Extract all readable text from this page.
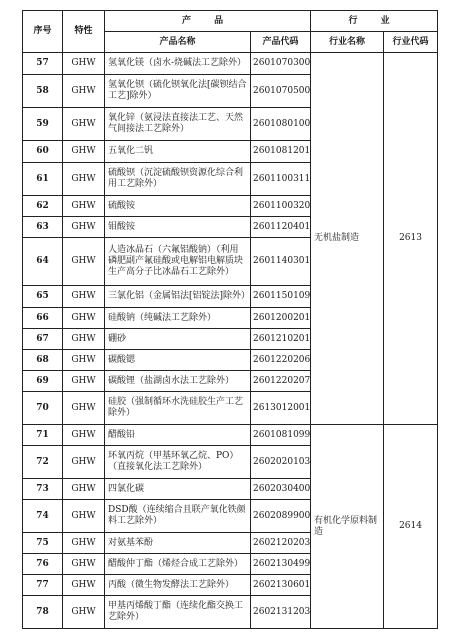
序号	特性	产 品		行 业	
		产品名称	产品代码	行业名称	行业代码
57	GHW	氢氧化镁（卤水-烧碱法工艺除外）	2601070300	无机盐制造	2613
58	GHW	氢氧化钡（硫化钡氧化法[碳钡结合工艺]除外）	2601070500		
59	GHW	氧化锌（氨浸法直接法工艺、天然气间接法工艺除外）	2601080100		
60	GHW	五氧化二钒	2601081201		
61	GHW	硫酸钡（沉淀硫酸钡资源化综合利用工艺除外）	2601100311		
62	GHW	硫酸铵	2601100320		
63	GHW	钼酸铵	2601120401		
64	GHW	人造冰晶石（六氟铝酸钠）（利用磷肥副产氟硅酸或电解铝电解质块生产高分子比冰晶石工艺除外）	2601140301		
65	GHW	三氯化铝（金属铝法[铝锭法]除外）	2601150109		
66	GHW	硅酸钠（纯碱法工艺除外）	2601200201		
67	GHW	硼砂	2601210201		
68	GHW	碳酸锶	2601220206		
69	GHW	碳酸锂（盐湖卤水法工艺除外）	2601220207		
70	GHW	硅胶（强制循环水洗硅胶生产工艺除外）	2613012001		
71	GHW	醋酸铅	2601081099	有机化学原料制造	2614
72	GHW	环氧丙烷（甲基环氧乙烷、PO）（直接氧化法工艺除外）	2602020103		
73	GHW	四氯化碳	2602030400		
74	GHW	DSD酸（连续缩合且联产氧化铁颜料工艺除外）	2602089900		
75	GHW	对氨基苯酚	2602120203		
76	GHW	醋酸仲丁酯（烯烃合成工艺除外）	2602130499		
77	GHW	丙酸（微生物发酵法工艺除外）	2602130601		
78	GHW	甲基丙烯酸丁酯（连续化酯交换工艺除外）	2602131203		
